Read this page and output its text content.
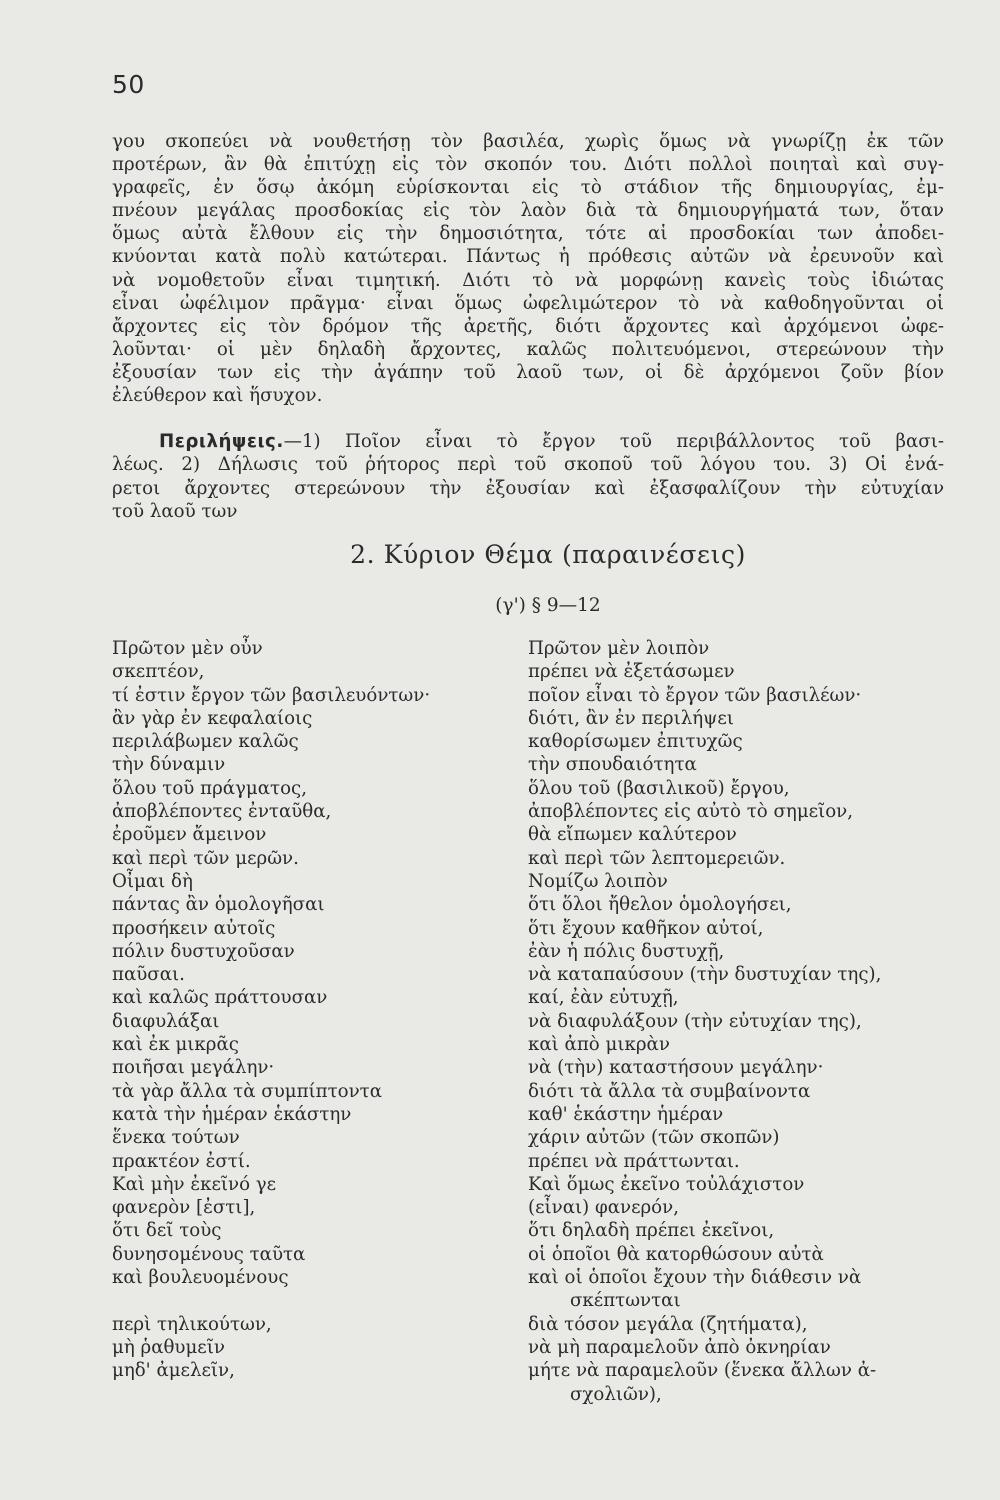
50
γου σκοπεύει νὰ νουθετήσῃ τὸν βασιλέα, χωρὶς ὅμως νὰ γνωρίζῃ ἐκ τῶν
προτέρων, ἂν θὰ ἐπιτύχῃ εἰς τὸν σκοπόν του. Διότι πολλοὶ ποιηταὶ καὶ συγ-
γραφεῖς, ἐν ὅσῳ ἀκόμη εὑρίσκονται εἰς τὸ στάδιον τῆς δημιουργίας, ἐμ-
πνέουν μεγάλας προσδοκίας εἰς τὸν λαὸν διὰ τὰ δημιουργήματά των, ὅταν
ὅμως αὐτὰ ἔλθουν εἰς τὴν δημοσιότητα, τότε αἱ προσδοκίαι των ἀποδει-
κνύονται κατὰ πολὺ κατώτεραι. Πάντως ἡ πρόθεσις αὐτῶν νὰ ἐρευνοῦν καὶ
νὰ νομοθετοῦν εἶναι τιμητική. Διότι τὸ νὰ μορφώνῃ κανεὶς τοὺς ἰδιώτας
εἶναι ὠφέλιμον πρᾶγμα· εἶναι ὅμως ὠφελιμώτερον τὸ νὰ καθοδηγοῦνται οἱ
ἄρχοντες εἰς τὸν δρόμον τῆς ἀρετῆς, διότι ἄρχοντες καὶ ἀρχόμενοι ὠφε-
λοῦνται· οἱ μὲν δηλαδὴ ἄρχοντες, καλῶς πολιτευόμενοι, στερεώνουν τὴν
ἐξουσίαν των εἰς τὴν ἀγάπην τοῦ λαοῦ των, οἱ δὲ ἀρχόμενοι ζοῦν βίον
ἐλεύθερον καὶ ἥσυχον.
Περιλήψεις.—1) Ποῖον εἶναι τὸ ἔργον τοῦ περιβάλλοντος τοῦ βασι-
λέως. 2) Δήλωσις τοῦ ῥήτορος περὶ τοῦ σκοποῦ τοῦ λόγου του. 3) Οἱ ἐνά-
ρετοι ἄρχοντες στερεώνουν τὴν ἐξουσίαν καὶ ἐξασφαλίζουν τὴν εὐτυχίαν
τοῦ λαοῦ των
2. Κύριον Θέμα (παραινέσεις)
(γ') § 9—12
Πρῶτον μὲν οὖν
σκεπτέον,
τί ἐστιν ἔργον τῶν βασιλευόντων·
ἂν γὰρ ἐν κεφαλαίοις
περιλάβωμεν καλῶς
τὴν δύναμιν
ὅλου τοῦ πράγματος,
ἀποβλέποντες ἐνταῦθα,
ἐροῦμεν ἄμεινον
καὶ περὶ τῶν μερῶν.
Οἶμαι δὴ
πάντας ἂν ὁμολογῆσαι
προσήκειν αὐτοῖς
πόλιν δυστυχοῦσαν
παῦσαι.
καὶ καλῶς πράττουσαν
διαφυλάξαι
καὶ ἐκ μικρᾶς
ποιῆσαι μεγάλην·
τὰ γὰρ ἄλλα τὰ συμπίπτοντα
κατὰ τὴν ἡμέραν ἑκάστην
ἕνεκα τούτων
πρακτέον ἐστί.
Καὶ μὴν ἐκεῖνό γε
φανερὸν [ἐστι],
ὅτι δεῖ τοὺς
δυνησομένους ταῦτα
καὶ βουλευομένους
περὶ τηλικούτων,
μὴ ῥαθυμεῖν
μηδ' ἀμελεῖν,
Πρῶτον μὲν λοιπὸν
πρέπει νὰ ἐξετάσωμεν
ποῖον εἶναι τὸ ἔργον τῶν βασιλέων·
διότι, ἂν ἐν περιλήψει
καθορίσωμεν ἐπιτυχῶς
τὴν σπουδαιότητα
ὅλου τοῦ (βασιλικοῦ) ἔργου,
ἀποβλέποντες εἰς αὐτὸ τὸ σημεῖον,
θὰ εἴπωμεν καλύτερον
καὶ περὶ τῶν λεπτομερειῶν.
Νομίζω λοιπὸν
ὅτι ὅλοι ἤθελον ὁμολογήσει,
ὅτι ἔχουν καθῆκον αὐτοί,
ἐὰν ἡ πόλις δυστυχῇ,
νὰ καταπαύσουν (τὴν δυστυχίαν της),
καί, ἐὰν εὐτυχῇ,
νὰ διαφυλάξουν (τὴν εὐτυχίαν της),
καὶ ἀπὸ μικρὰν
νὰ (τὴν) καταστήσουν μεγάλην·
διότι τὰ ἄλλα τὰ συμβαίνοντα
καθ' ἑκάστην ἡμέραν
χάριν αὐτῶν (τῶν σκοπῶν)
πρέπει νὰ πράττωνται.
Καὶ ὅμως ἐκεῖνο τοὐλάχιστον
(εἶναι) φανερόν,
ὅτι δηλαδὴ πρέπει ἐκεῖνοι,
οἱ ὁποῖοι θὰ κατορθώσουν αὐτὰ
καὶ οἱ ὁποῖοι ἔχουν τὴν διάθεσιν νὰ
σκέπτωνται
διὰ τόσον μεγάλα (ζητήματα),
νὰ μὴ παραμελοῦν ἀπὸ ὀκνηρίαν
μήτε νὰ παραμελοῦν (ἕνεκα ἄλλων ἀ-
σχολιῶν),
